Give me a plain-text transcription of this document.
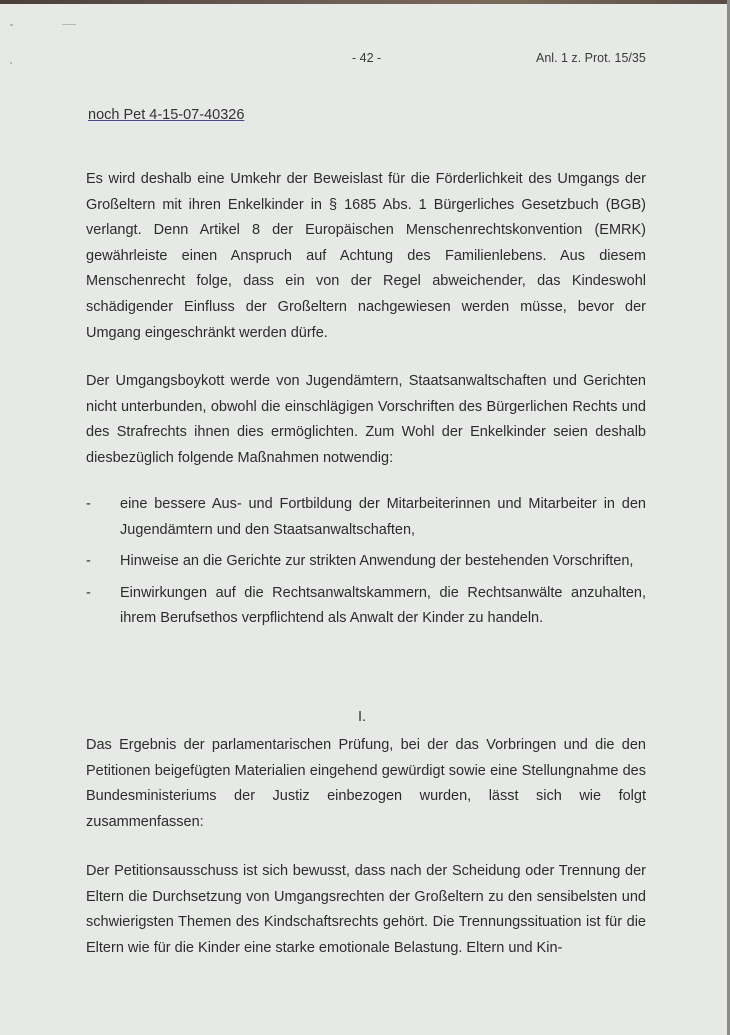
- 42 -	Anl. 1 z. Prot. 15/35
noch Pet 4-15-07-40326
Es wird deshalb eine Umkehr der Beweislast für die Förderlichkeit des Umgangs der Großeltern mit ihren Enkelkinder in § 1685 Abs. 1 Bürgerliches Gesetzbuch (BGB) verlangt. Denn Artikel 8 der Europäischen Menschenrechtskonvention (EMRK) gewährleiste einen Anspruch auf Achtung des Familienlebens. Aus diesem Menschenrecht folge, dass ein von der Regel abweichender, das Kindeswohl schädigender Einfluss der Großeltern nachgewiesen werden müsse, bevor der Umgang eingeschränkt werden dürfe.
Der Umgangsboykott werde von Jugendämtern, Staatsanwaltschaften und Gerichten nicht unterbunden, obwohl die einschlägigen Vorschriften des Bürgerlichen Rechts und des Strafrechts ihnen dies ermöglichten. Zum Wohl der Enkelkinder seien deshalb diesbezüglich folgende Maßnahmen notwendig:
- eine bessere Aus- und Fortbildung der Mitarbeiterinnen und Mitarbeiter in den Jugendämtern und den Staatsanwaltschaften,
- Hinweise an die Gerichte zur strikten Anwendung der bestehenden Vorschriften,
- Einwirkungen auf die Rechtsanwaltskammern, die Rechtsanwälte anzuhalten, ihrem Berufsethos verpflichtend als Anwalt der Kinder zu handeln.
I.
Das Ergebnis der parlamentarischen Prüfung, bei der das Vorbringen und die den Petitionen beigefügten Materialien eingehend gewürdigt sowie eine Stellungnahme des Bundesministeriums der Justiz einbezogen wurden, lässt sich wie folgt zusammenfassen:
Der Petitionsausschuss ist sich bewusst, dass nach der Scheidung oder Trennung der Eltern die Durchsetzung von Umgangsrechten der Großeltern zu den sensibelsten und schwierigsten Themen des Kindschaftsrechts gehört. Die Trennungssituation ist für die Eltern wie für die Kinder eine starke emotionale Belastung. Eltern und Kin-
